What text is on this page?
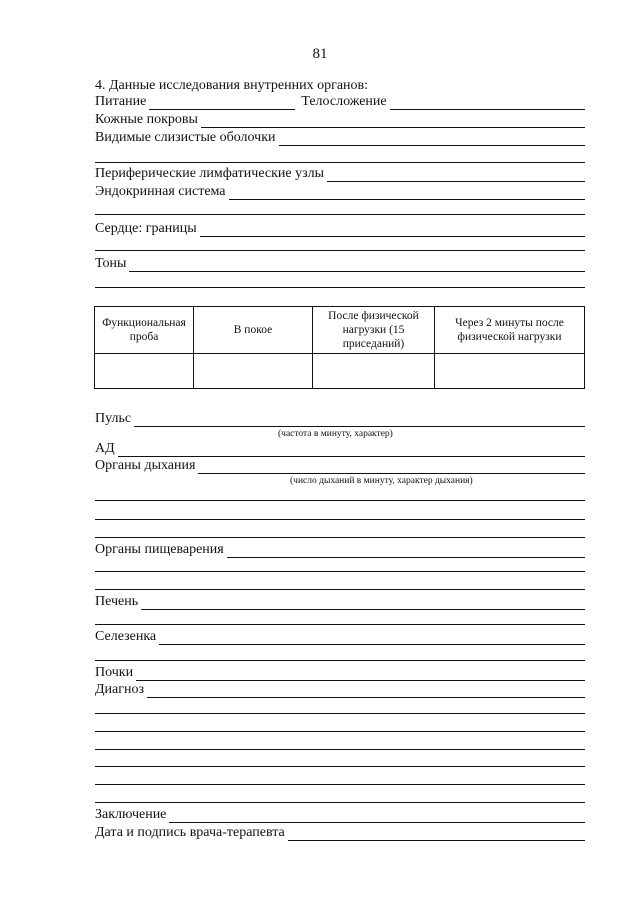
81
4. Данные исследования внутренних органов:
Питание	Телосложение
Кожные покровы
Видимые слизистые оболочки
Периферические лимфатические узлы
Эндокринная система
Сердце: границы
Тоны
Функциональная проба	В покое	После физической нагрузки (15 приседаний)	Через 2 минуты после физической нагрузки

Пульс
(частота в минуту, характер)
АД
Органы дыхания
(число дыханий в минуту, характер дыхания)
Органы пищеварения
Печень
Селезенка
Почки
Диагноз
Заключение
Дата и подпись врача-терапевта
